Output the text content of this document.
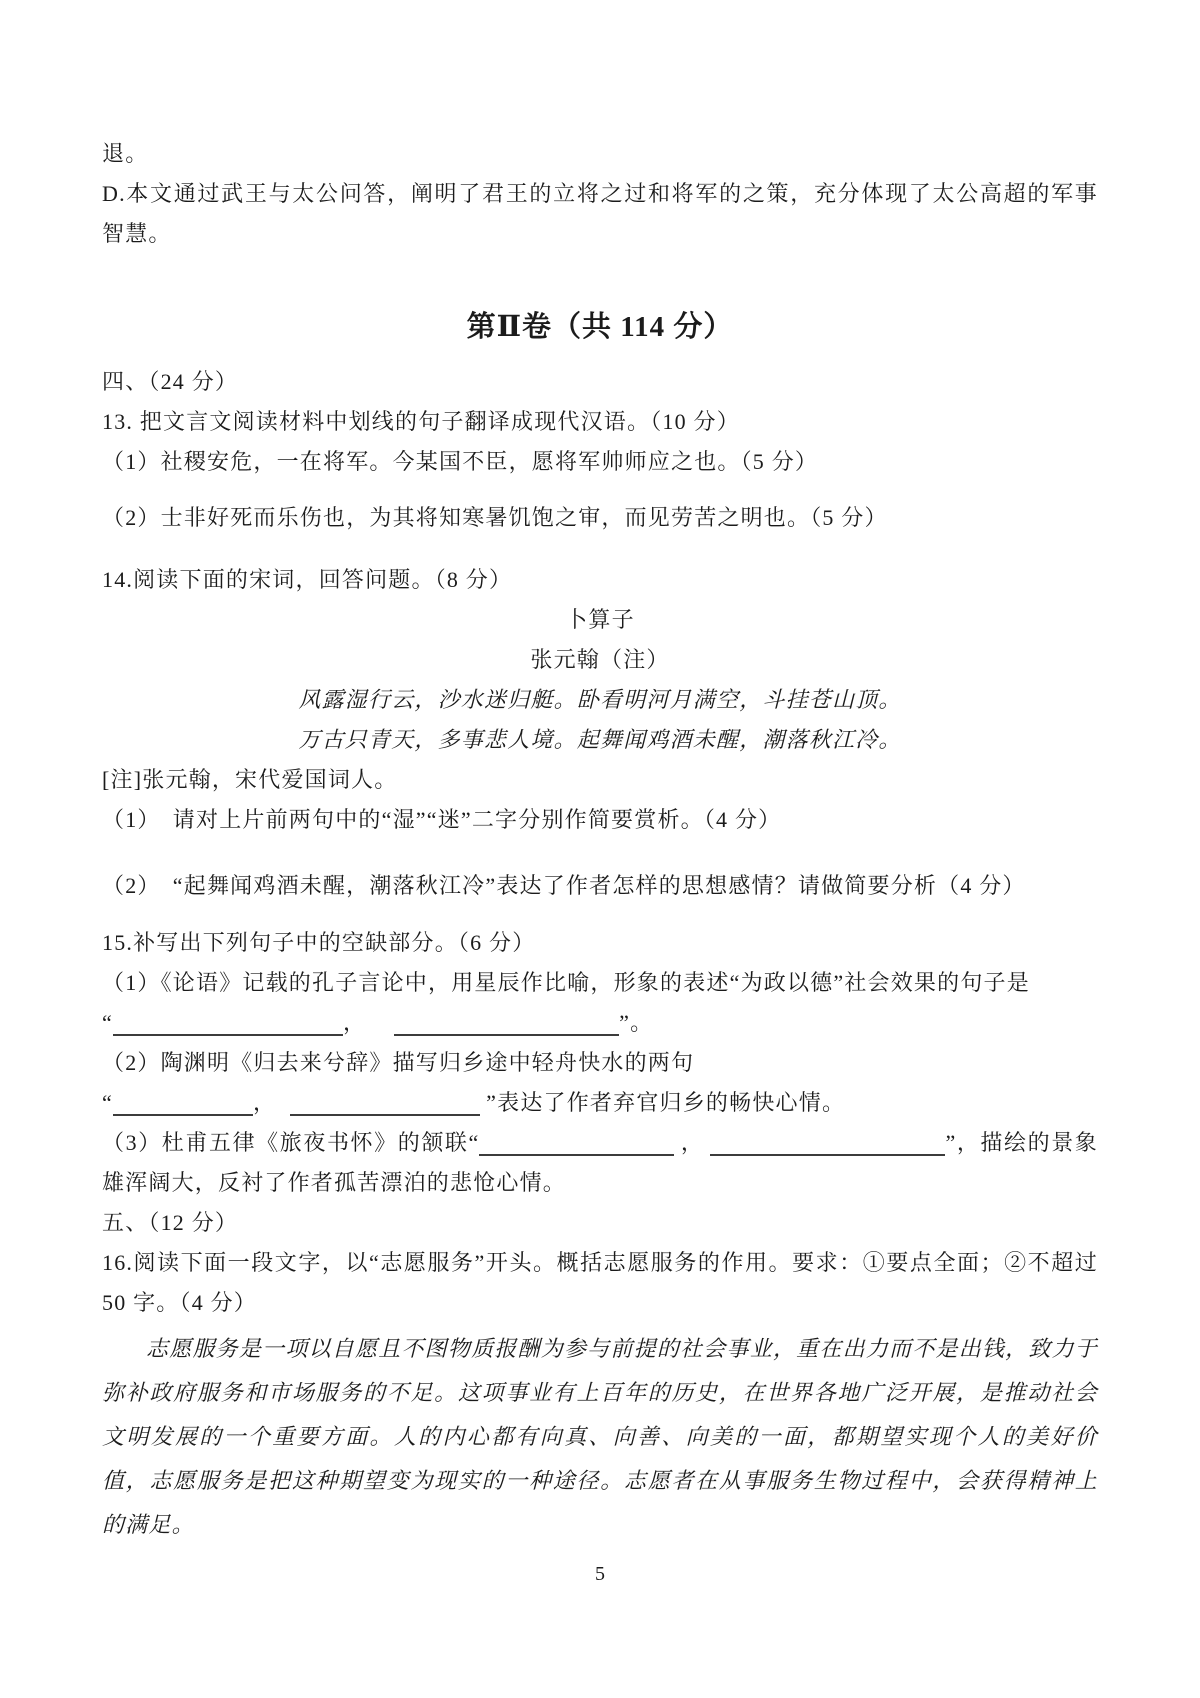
退。

D.本文通过武王与太公问答，阐明了君王的立将之过和将军的之策，充分体现了太公高超的军事智慧。

第Ⅱ卷（共 114 分）

四、（24 分）

13. 把文言文阅读材料中划线的句子翻译成现代汉语。（10 分）

（1）社稷安危，一在将军。今某国不臣，愿将军帅师应之也。（5 分）

（2）士非好死而乐伤也，为其将知寒暑饥饱之审，而见劳苦之明也。（5 分）

14.阅读下面的宋词，回答问题。（8 分）

卜算子

张元翰（注）

风露湿行云，沙水迷归艇。卧看明河月满空，斗挂苍山顶。

万古只青天，多事悲人境。起舞闻鸡酒未醒，潮落秋江冷。

[注]张元翰，宋代爱国词人。

（1）　请对上片前两句中的“湿”“迷”二字分别作简要赏析。（4 分）

（2）　“起舞闻鸡酒未醒，潮落秋江冷”表达了作者怎样的思想感情？请做简要分析（4 分）

15.补写出下列句子中的空缺部分。（6 分）

（1）《论语》记载的孔子言论中，用星辰作比喻，形象的表述“为政以德”社会效果的句子是

“	，	”。

（2）陶渊明《归去来兮辞》描写归乡途中轻舟快水的两句

“	，	”表达了作者弃官归乡的畅快心情。

（3）杜甫五律《旅夜书怀》的颔联“	，	”，描绘的景象雄浑阔大，反衬了作者孤苦漂泊的悲怆心情。

五、（12 分）

16.阅读下面一段文字，以“志愿服务”开头。概括志愿服务的作用。要求：①要点全面；②不超过 50 字。（4 分）

志愿服务是一项以自愿且不图物质报酬为参与前提的社会事业，重在出力而不是出钱，致力于弥补政府服务和市场服务的不足。这项事业有上百年的历史，在世界各地广泛开展，是推动社会文明发展的一个重要方面。人的内心都有向真、向善、向美的一面，都期望实现个人的美好价值，志愿服务是把这种期望变为现实的一种途径。志愿者在从事服务生物过程中，会获得精神上的满足。

5
